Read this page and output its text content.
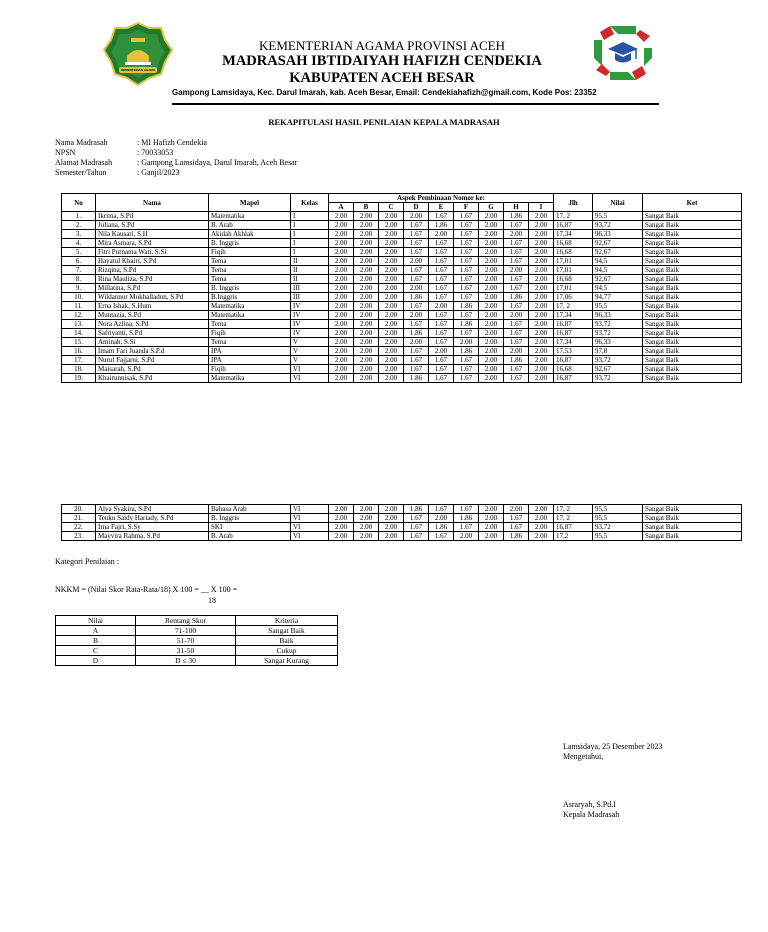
KEMENTERIAN AGAMA
KEMENTERIAN AGAMA PROVINSI ACEH
MADRASAH IBTIDAIYAH HAFIZH CENDEKIA
KABUPATEN ACEH BESAR
Gampong Lamsidaya, Kec. Darul Imarah, kab. Aceh Besar, Email: Cendekiahafizh@gmail.com, Kode Pos: 23352
REKAPITULASI HASIL PENILAIAN KEPALA MADRASAH
Nama Madrasah	: MI Hafizh Cendekia
NPSN	: 70033053
Alamat Madrasah	: Gampong Lamsidaya, Darul Imarah, Aceh Besar
Semester/Tahun	: Ganjil/2023
No	Nama	Mapel	Kelas	Aspek Pembinaan Nomor ke:									Jlh	Nilai	Ket
				A	B	C	D	E	F	G	H	I			
1.	Ikrima, S.Pd	Matematika	I	2.00	2.00	2.00	2.00	1.67	1.67	2.00	1.86	2.00	17, 2	95,5	Sangat Baik
2.	Juliana, S.Pd	B. Arab	I	2.00	2.00	2.00	1.67	1.86	1.67	2.00	1.67	2.00	16,87	93,72	Sangat Baik
3.	Nila Kausari, S.H	Akidah Akhlak	I	2.00	2.00	2.00	1.67	2.00	1.67	2.00	2.00	2.00	17,34	96,33	Sangat Baik
4.	Mira Asmara, S.Pd	B. Inggris	I	2.00	2.00	2.00	1.67	1.67	1.67	2.00	1.67	2.00	16,68	92,67	Sangat Baik
5.	Fitri Purnama Wati, S.Si	Fiqih	I	2.00	2.00	2.00	1.67	1.67	1.67	2.00	1.67	2.00	16,68	92,67	Sangat Baik
6.	Hayatul Khairi, S.Pd	Tema	II	2.00	2.00	2.00	2.00	1.67	1.67	2.00	1.67	2.00	17,01	94,5	Sangat Baik
7.	Rizqina, S.Pd	Tema	II	2.00	2.00	2.00	1.67	1.67	1.67	2.00	2.00	2.00	17,01	94,5	Sangat Baik
8.	Rina Mauliza, S.Pd	Tema	II	2.00	2.00	2.00	1.67	1.67	1.67	2.00	1.67	2.00	16,68	92,67	Sangat Baik
9.	Millatina, S.Pd	B. Inggris	III	2.00	2.00	2.00	2.00	1.67	1.67	2.00	1.67	2.00	17,01	94,5	Sangat Baik
10.	Wildannur Mukhalladun, S.Pd	B.Inggris	III	2.00	2.00	2.00	1.86	1.67	1.67	2.00	1.86	2.00	17,06	94,77	Sangat Baik
11.	Erna Ishak, S.Hum	Matematika	IV	2.00	2.00	2.00	1.67	2.00	1.86	2.00	1.67	2.00	17, 2	95,5	Sangat Baik
12.	Muntazia, S.Pd	Matematika	IV	2.00	2.00	2.00	2.00	1.67	1.67	2.00	2.00	2.00	17,34	96,33	Sangat Baik
13.	Nora Azlina, S.Pd	Tema	IV	2.00	2.00	2.00	1.67	1.67	1.86	2.00	1.67	2.00	16,87	93,72	Sangat Baik
14.	Safriyanti, S.Pd	Fiqih	IV	2.00	2.00	2.00	1.86	1.67	1.67	2.00	1.67	2.00	16,87	93,72	Sangat Baik
15.	Aminah, S.Si	Tema	V	2.00	2.00	2.00	2.00	1.67	2.00	2.00	1.67	2.00	17,34	96,33	Sangat Baik
16.	Imam Fari Juanda S.P.d	IPA	V	2.00	2.00	2.00	1.67	2.00	1.86	2.00	2.00	2.00	17,53	97,8	Sangat Baik
17.	Nurul Fajjarni, S.Pd	IPA	V	2.00	2.00	2.00	1.67	1.67	1.67	2.00	1.86	2.00	16,87	93,72	Sangat Baik
18.	Maisarah, S.Pd	Fiqih	VI	2.00	2.00	2.00	1.67	1.67	1.67	2.00	1.67	2.00	16,68	92,67	Sangat Baik
19.	Khairunnisak, S.Pd	Matematika	VI	2.00	2.00	2.00	1.86	1.67	1.67	2.00	1.67	2.00	16,87	93,72	Sangat Baik
20.	Alya Syakira, S.Pd	Bahasa Arab	VI	2.00	2.00	2.00	1.86	1.67	1.67	2.00	2.00	2.00	17, 2	95,5	Sangat Baik
21.	Teuku Saidy Hariady, S.Pd	B. Inggris	VI	2.00	2.00	2.00	1.67	2.00	1.86	2.00	1.67	2.00	17, 2	95,5	Sangat Baik
22.	Irna Fajri, S.Sy	SKI	VI	2.00	2.00	2.00	1.67	1.86	1.67	2.00	1.67	2.00	16,87	93,72	Sangat Baik
23.	Mayvira Rahma, S.Pd	B. Arab	VI	2.00	2.00	2.00	1.67	1.67	2.00	2.00	1.86	2.00	17,2	95,5	Sangat Baik
Kategori Penilaian :
NKKM = (Nilai Skor Rata-Rata/18) X 100 = __ X 100 =
18
Nilai	Rentang Skor	Kriteria
A	71-100	Sangat Baik
B	51-70	Baik
C	31-50	Cukup
D	D ≤ 30	Sangat Kurang
Lamsidaya, 25 Desember 2023
Mengetahui,
Asraryah, S.Pd.I
Kepala Madrasah
